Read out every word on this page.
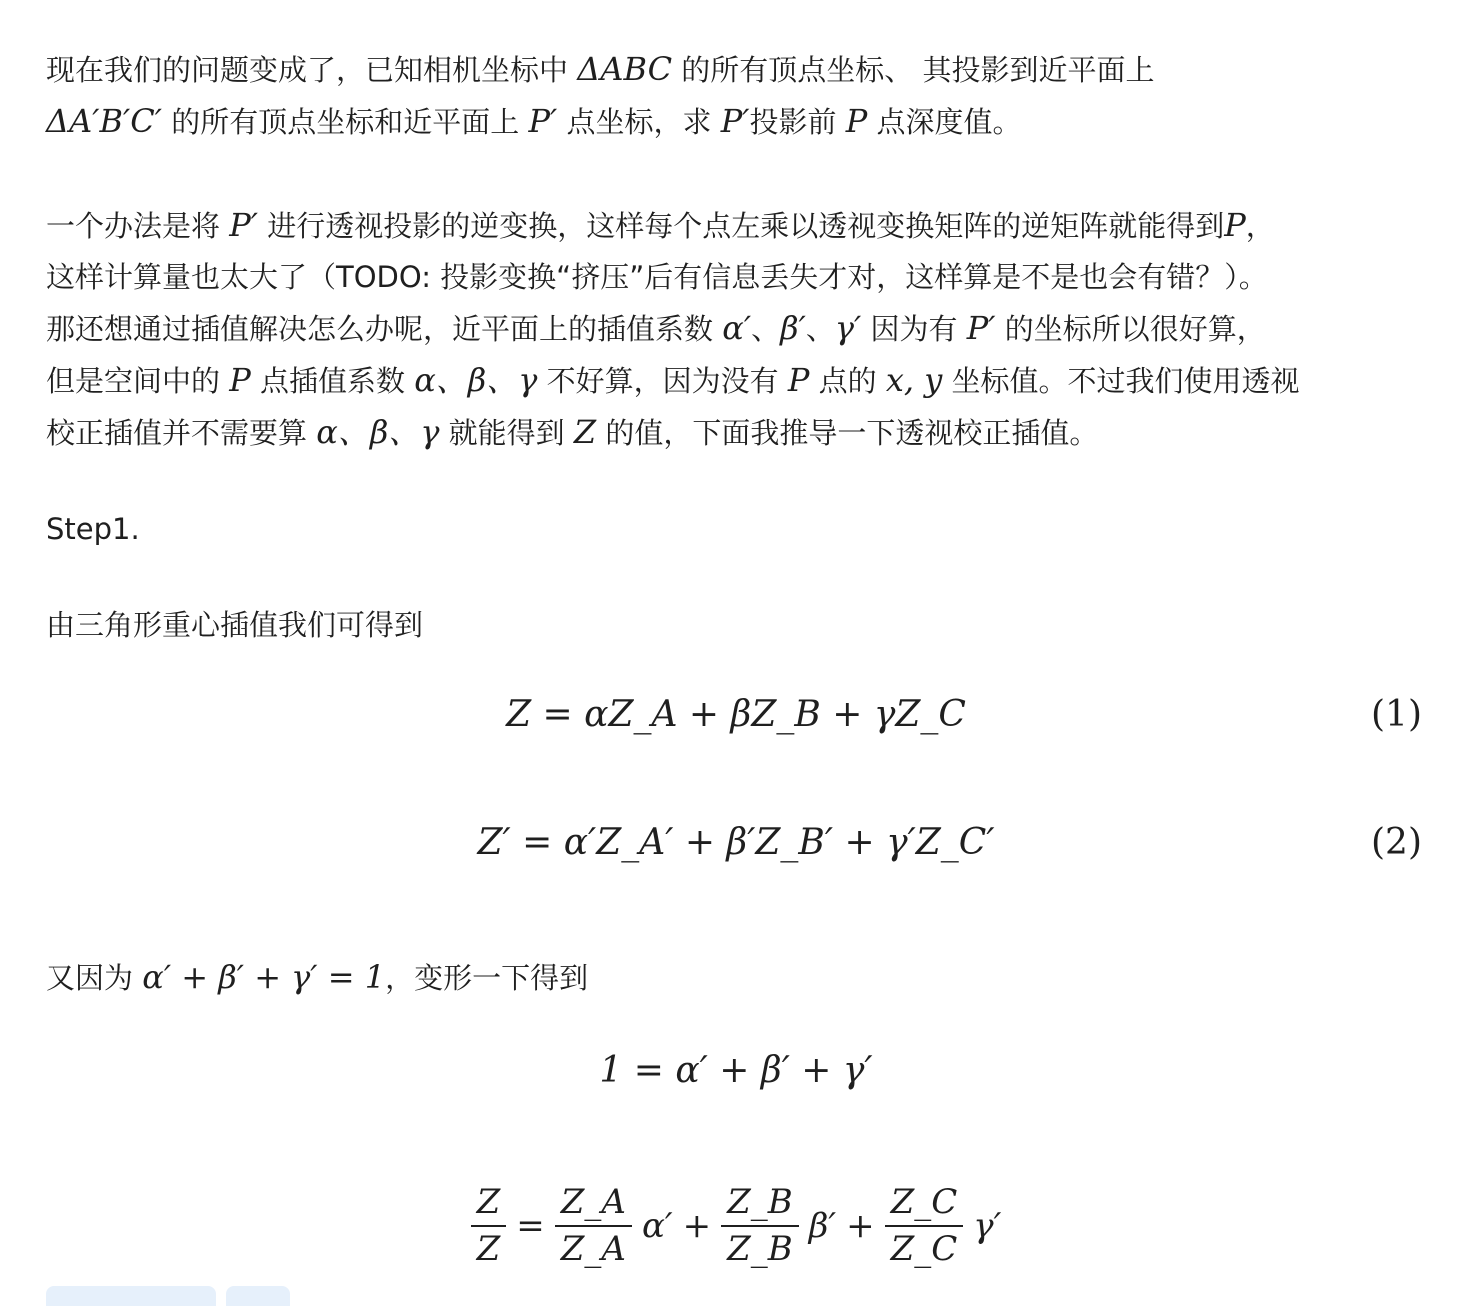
现在我们的问题变成了，已知相机坐标中 ΔABC 的所有顶点坐标、 其投影到近平面上
ΔA′B′C′ 的所有顶点坐标和近平面上 P′ 点坐标，求 P′投影前 P 点深度值。

一个办法是将 P′ 进行透视投影的逆变换，这样每个点左乘以透视变换矩阵的逆矩阵就能得到P，
这样计算量也太大了（TODO: 投影变换“挤压”后有信息丢失才对，这样算是不是也会有错？）。
那还想通过插值解决怎么办呢，近平面上的插值系数 α′、β′、γ′ 因为有 P′ 的坐标所以很好算，
但是空间中的 P 点插值系数 α、β、γ 不好算，因为没有 P 点的 x, y 坐标值。不过我们使用透视
校正插值并不需要算 α、β、γ 就能得到 Z 的值，下面我推导一下透视校正插值。

Step1.
由三角形重心插值我们可得到
Z = αZ_A + βZ_B + γZ_C	(1)
Z′ = α′Z_A′ + β′Z_B′ + γ′Z_C′	(2)
又因为 α′ + β′ + γ′ = 1，变形一下得到
1 = α′ + β′ + γ′
$\frac{Z}{Z} = \frac{Z\_A}{Z\_A} \alpha' + \frac{Z\_B}{Z\_B} \beta' + \frac{Z\_C}{Z\_C} \gamma'$
